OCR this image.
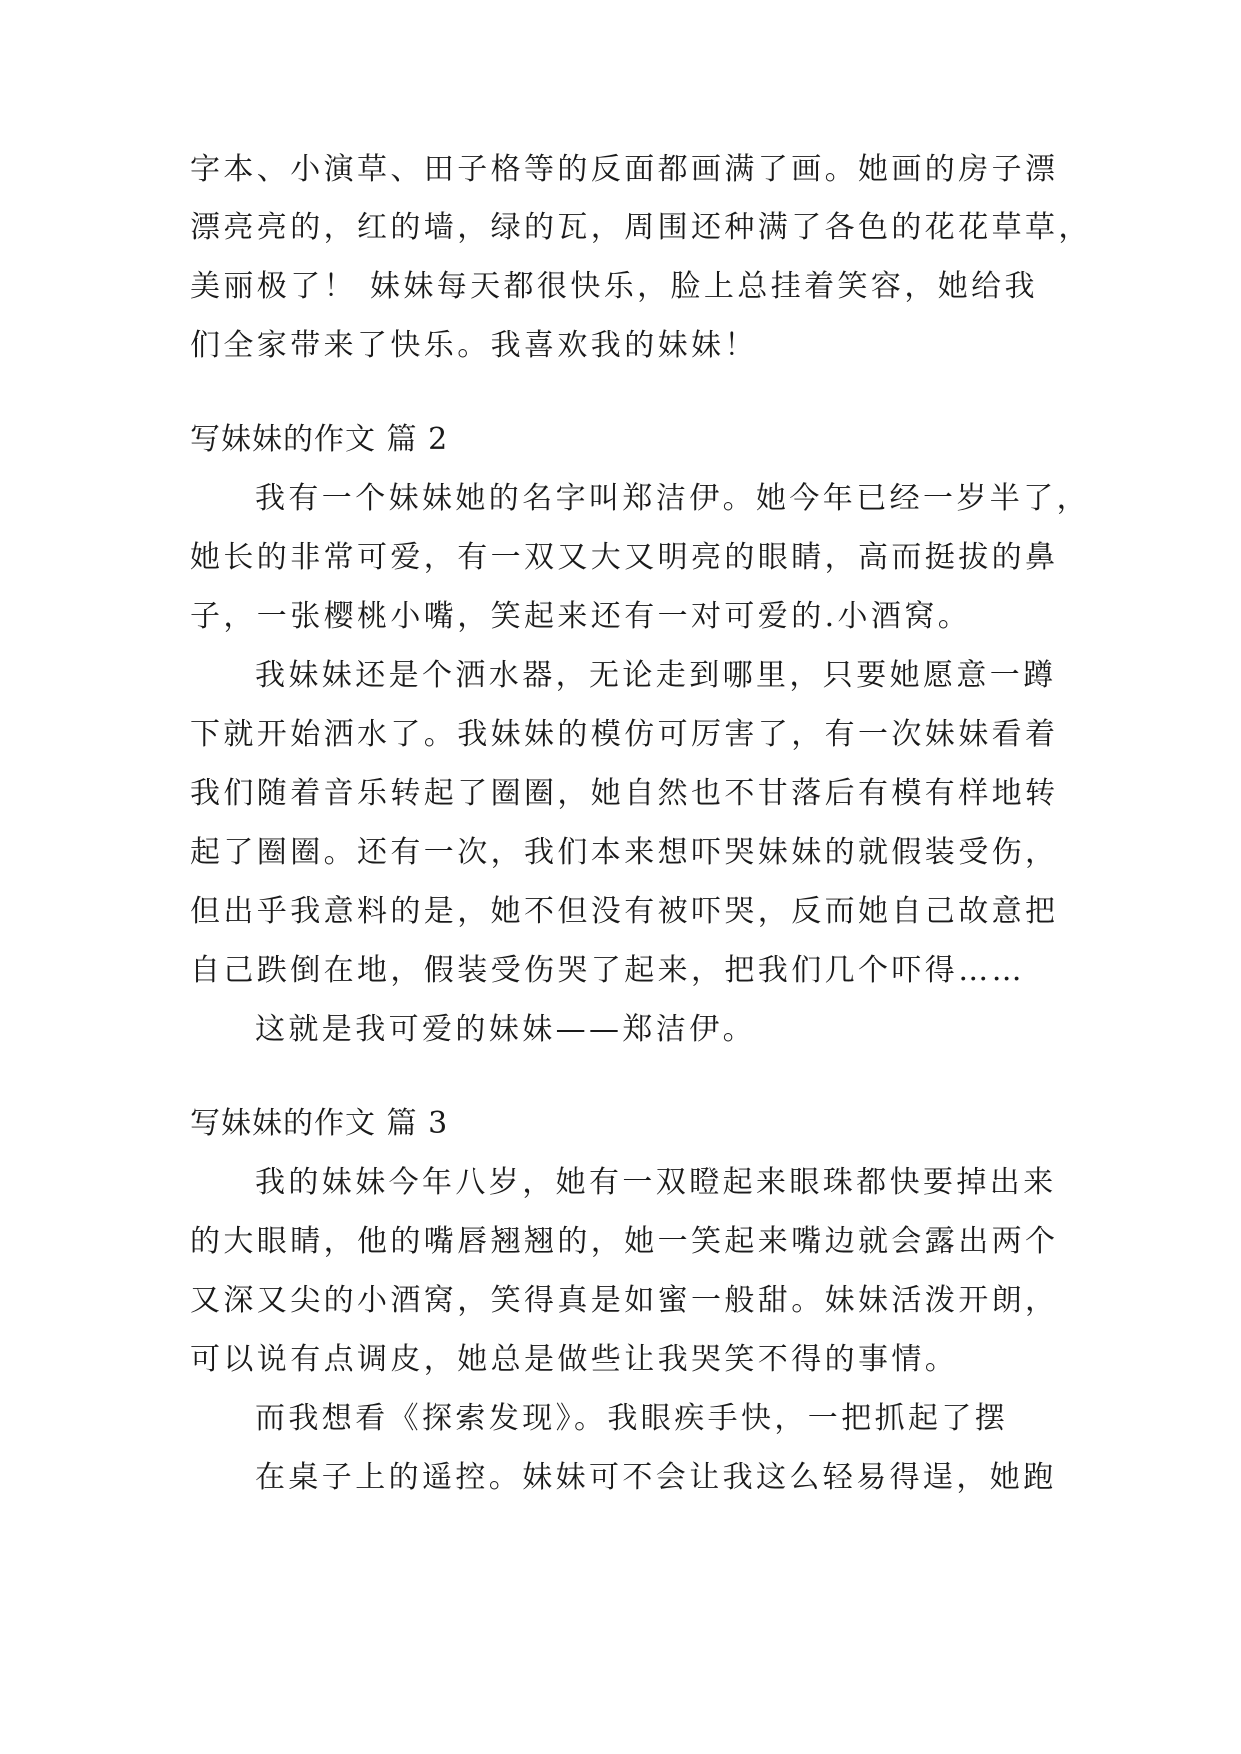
字本、小演草、田子格等的反面都画满了画。她画的房子漂
漂亮亮的，红的墙，绿的瓦，周围还种满了各色的花花草草，
美丽极了！ 妹妹每天都很快乐，脸上总挂着笑容，她给我
们全家带来了快乐。我喜欢我的妹妹！
写妹妹的作文 篇 2
我有一个妹妹她的名字叫郑洁伊。她今年已经一岁半了，
她长的非常可爱，有一双又大又明亮的眼睛，高而挺拔的鼻
子，一张樱桃小嘴，笑起来还有一对可爱的.小酒窝。
我妹妹还是个洒水器，无论走到哪里，只要她愿意一蹲
下就开始洒水了。我妹妹的模仿可厉害了，有一次妹妹看着
我们随着音乐转起了圈圈，她自然也不甘落后有模有样地转
起了圈圈。还有一次，我们本来想吓哭妹妹的就假装受伤，
但出乎我意料的是，她不但没有被吓哭，反而她自己故意把
自己跌倒在地，假装受伤哭了起来，把我们几个吓得……
这就是我可爱的妹妹——郑洁伊。
写妹妹的作文 篇 3
我的妹妹今年八岁，她有一双瞪起来眼珠都快要掉出来
的大眼睛，他的嘴唇翘翘的，她一笑起来嘴边就会露出两个
又深又尖的小酒窝，笑得真是如蜜一般甜。妹妹活泼开朗，
可以说有点调皮，她总是做些让我哭笑不得的事情。
而我想看《探索发现》。我眼疾手快，一把抓起了摆
在桌子上的遥控。妹妹可不会让我这么轻易得逞，她跑
